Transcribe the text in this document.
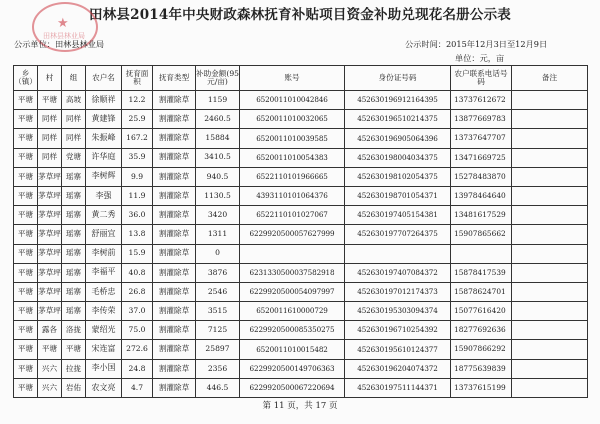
田林县2014年中央财政森林抚育补贴项目资金补助兑现花名册公示表
★
田林县林业局
公示单位：田林县林业局	公示时间：2015年12月3日至12月9日
单位：元，亩
乡（镇）	村	组	农户名	抚育面积	抚育类型	补助金额(95元/亩)	账号	身份证号码	农户联系电话号码	备注
平塘	平塘	高坡	徐顺祥	12.2	割灌除草	1159	6520011010042846	452630196912164395	13737612672	
平塘	同样	同样	黄建锋	25.9	割灌除草	2460.5	6520011010032065	452630196510214375	13877669783	
平塘	同样	同样	朱振峰	167.2	割灌除草	15884	6520011010039585	452630196905064396	13737647707	
平塘	同样	党塘	许华庭	35.9	割灌除草	3410.5	6520011010054383	452630198004034375	13471669725	
平塘	茅草坪	瑶寨	李树辉	9.9	割灌除草	940.5	6522110101966665	452630198102054375	15278483870	
平塘	茅草坪	瑶寨	李强	11.9	割灌除草	1130.5	4393110101064376	452630198701054371	13978464640	
平塘	茅草坪	瑶寨	黄二秀	36.0	割灌除草	3420	6522110101027067	452630197405154381	13481617529	
平塘	茅草坪	瑶寨	舒丽宜	13.8	割灌除草	1311	6229920500057627999	452630197707264375	15907865662	
平塘	茅草坪	瑶寨	李树前	15.9	割灌除草	0				
平塘	茅草坪	瑶寨	李福平	40.8	割灌除草	3876	6231330500037582918	452630197407084372	15878417539	
平塘	茅草坪	瑶寨	毛桥忠	26.8	割灌除草	2546	6229920500054097997	452630197012174373	15878624701	
平塘	茅草坪	瑶寨	李传荣	37.0	割灌除草	3515	6520011610000729	452630195303094374	15077616420	
平塘	露各	洛拢	蒙绍光	75.0	割灌除草	7125	6229920500085350275	452630196710254392	18277692636	
平塘	平塘	平塘	宋连富	272.6	割灌除草	25897	6520011010015482	452630195610124377	15907866292	
平塘	兴六	拉拢	李小国	24.8	割灌除草	2356	6229920500149706363	452630196204074372	18775639839	
平塘	兴六	岩佑	农文亮	4.7	割灌除草	446.5	6229920500067220694	452630197511144371	13737615199	
第 11 页，共 17 页
